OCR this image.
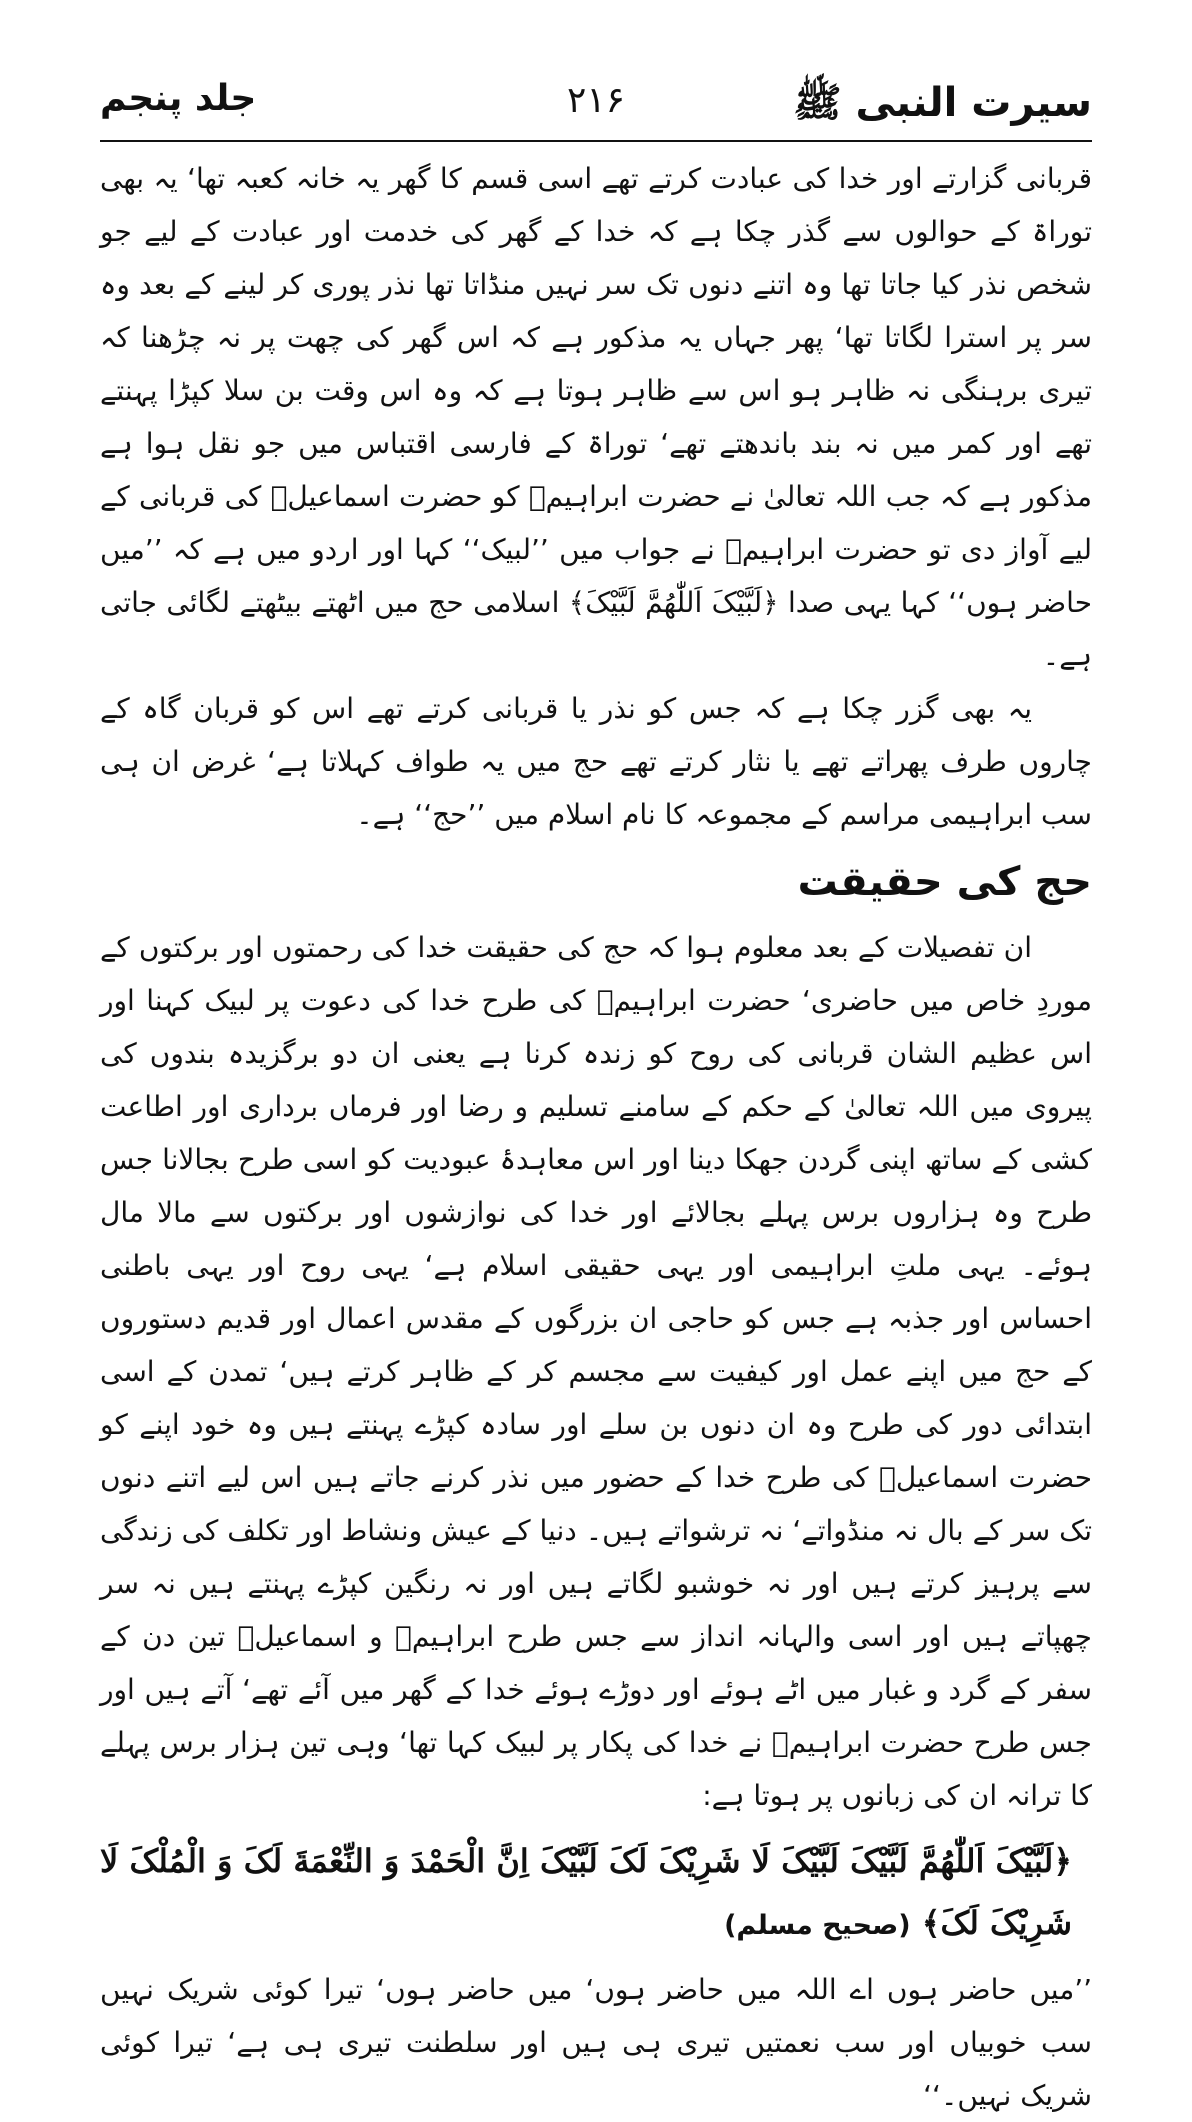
سیرت النبی ﷺ
۲۱۶
جلد پنجم

قربانی گزارتے اور خدا کی عبادت کرتے تھے اسی قسم کا گھر یہ خانہ کعبہ تھا‘ یہ بھی توراۃ کے حوالوں سے گذر چکا ہے کہ خدا کے گھر کی خدمت اور عبادت کے لیے جو شخص نذر کیا جاتا تھا وہ اتنے دنوں تک سر نہیں منڈاتا تھا نذر پوری کر لینے کے بعد وہ سر پر استرا لگاتا تھا‘ پھر جہاں یہ مذکور ہے کہ اس گھر کی چھت پر نہ چڑھنا کہ تیری برہنگی نہ ظاہر ہو اس سے ظاہر ہوتا ہے کہ وہ اس وقت بن سلا کپڑا پہنتے تھے اور کمر میں نہ بند باندھتے تھے‘ توراۃ کے فارسی اقتباس میں جو نقل ہوا ہے مذکور ہے کہ جب اللہ تعالیٰ نے حضرت ابراہیمؑ کو حضرت اسماعیلؑ کی قربانی کے لیے آواز دی تو حضرت ابراہیمؑ نے جواب میں ’’لبیک‘‘ کہا اور اردو میں ہے کہ ’’میں حاضر ہوں‘‘ کہا یہی صدا ﴿لَبَّیْکَ اَللّٰھُمَّ لَبَّیْکَ﴾ اسلامی حج میں اٹھتے بیٹھتے لگائی جاتی ہے۔

یہ بھی گزر چکا ہے کہ جس کو نذر یا قربانی کرتے تھے اس کو قربان گاہ کے چاروں طرف پھراتے تھے یا نثار کرتے تھے حج میں یہ طواف کہلاتا ہے‘ غرض ان ہی سب ابراہیمی مراسم کے مجموعہ کا نام اسلام میں ’’حج‘‘ ہے۔

حج کی حقیقت

ان تفصیلات کے بعد معلوم ہوا کہ حج کی حقیقت خدا کی رحمتوں اور برکتوں کے موردِ خاص میں حاضری‘ حضرت ابراہیمؑ کی طرح خدا کی دعوت پر لبیک کہنا اور اس عظیم الشان قربانی کی روح کو زندہ کرنا ہے یعنی ان دو برگزیدہ بندوں کی پیروی میں اللہ تعالیٰ کے حکم کے سامنے تسلیم و رضا اور فرماں برداری اور اطاعت کشی کے ساتھ اپنی گردن جھکا دینا اور اس معاہدۂ عبودیت کو اسی طرح بجالانا جس طرح وہ ہزاروں برس پہلے بجالائے اور خدا کی نوازشوں اور برکتوں سے مالا مال ہوئے۔ یہی ملتِ ابراہیمی اور یہی حقیقی اسلام ہے‘ یہی روح اور یہی باطنی احساس اور جذبہ ہے جس کو حاجی ان بزرگوں کے مقدس اعمال اور قدیم دستوروں کے حج میں اپنے عمل اور کیفیت سے مجسم کر کے ظاہر کرتے ہیں‘ تمدن کے اسی ابتدائی دور کی طرح وہ ان دنوں بن سلے اور سادہ کپڑے پہنتے ہیں وہ خود اپنے کو حضرت اسماعیلؑ کی طرح خدا کے حضور میں نذر کرنے جاتے ہیں اس لیے اتنے دنوں تک سر کے بال نہ منڈواتے‘ نہ ترشواتے ہیں۔ دنیا کے عیش ونشاط اور تکلف کی زندگی سے پرہیز کرتے ہیں اور نہ خوشبو لگاتے ہیں اور نہ رنگین کپڑے پہنتے ہیں نہ سر چھپاتے ہیں اور اسی والہانہ انداز سے جس طرح ابراہیمؑ و اسماعیلؑ تین دن کے سفر کے گرد و غبار میں اٹے ہوئے اور دوڑے ہوئے خدا کے گھر میں آئے تھے‘ آتے ہیں اور جس طرح حضرت ابراہیمؑ نے خدا کی پکار پر لبیک کہا تھا‘ وہی تین ہزار برس پہلے کا ترانہ ان کی زبانوں پر ہوتا ہے:

﴿لَبَّیْکَ اَللّٰھُمَّ لَبَّیْکَ لَبَّیْکَ لَا شَرِیْکَ لَکَ لَبَّیْکَ اِنَّ الْحَمْدَ وَ النِّعْمَةَ لَکَ وَ الْمُلْکَ لَا شَرِیْکَ لَکَ﴾ (صحیح مسلم)

’’میں حاضر ہوں اے اللہ میں حاضر ہوں‘ میں حاضر ہوں‘ تیرا کوئی شریک نہیں سب خوبیاں اور سب نعمتیں تیری ہی ہیں اور سلطنت تیری ہی ہے‘ تیرا کوئی شریک نہیں۔‘‘
